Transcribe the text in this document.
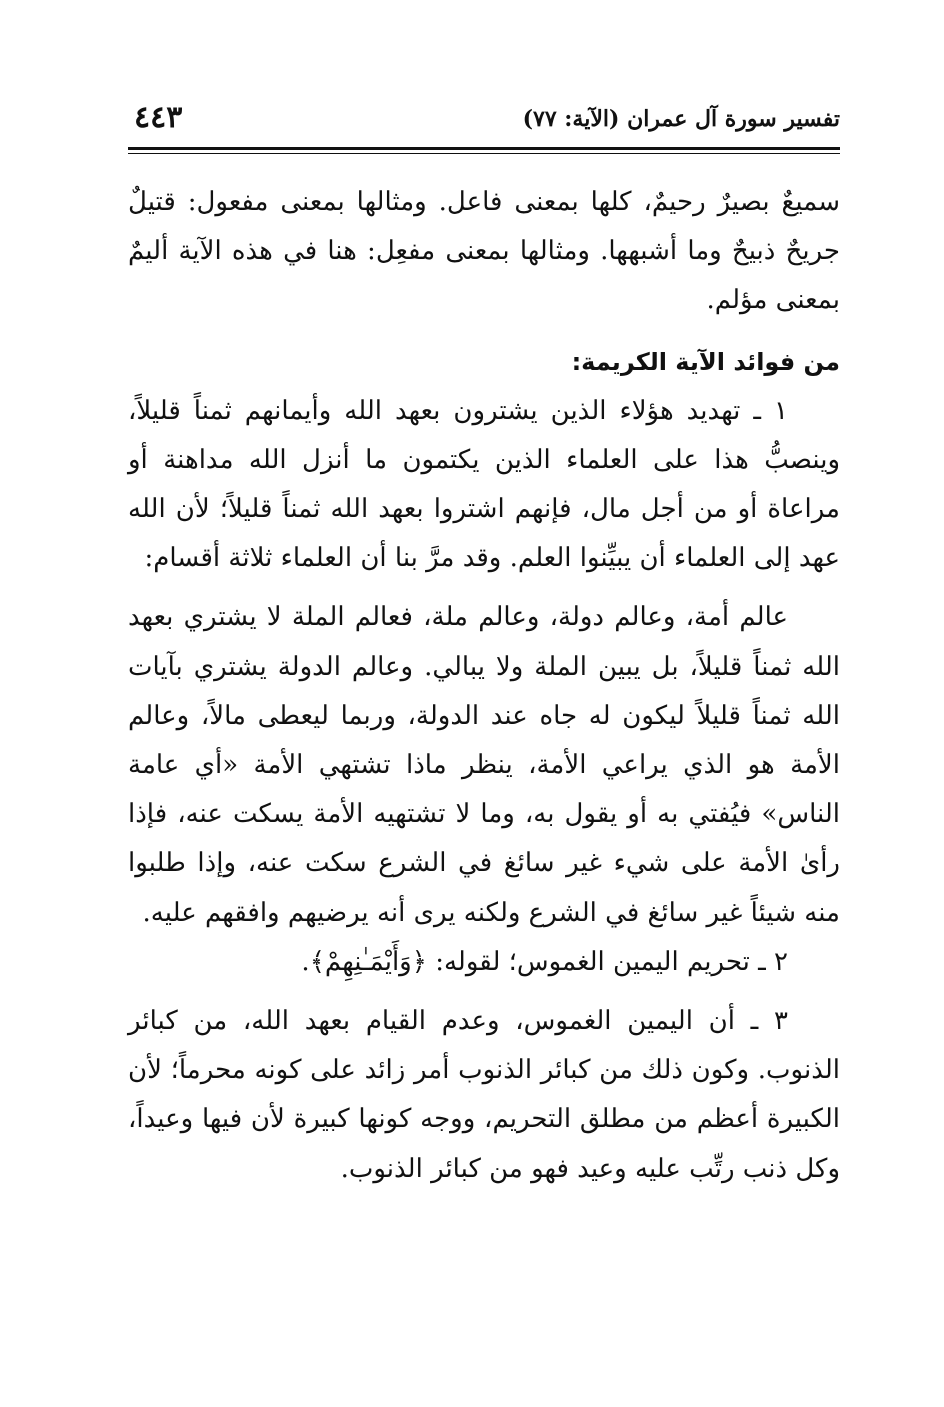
تفسير سورة آل عمران (الآية: ٧٧)
٤٤٣

سميعٌ بصيرٌ رحيمٌ، كلها بمعنى فاعل. ومثالها بمعنى مفعول: قتيلٌ جريحٌ ذبيحٌ وما أشبهها. ومثالها بمعنى مفعِل: هنا في هذه الآية أليمٌ بمعنى مؤلم.

من فوائد الآية الكريمة:

١ ـ تهديد هؤلاء الذين يشترون بعهد الله وأيمانهم ثمناً قليلاً، وينصبُّ هذا على العلماء الذين يكتمون ما أنزل الله مداهنة أو مراعاة أو من أجل مال، فإنهم اشتروا بعهد الله ثمناً قليلاً؛ لأن الله عهد إلى العلماء أن يبيِّنوا العلم. وقد مرَّ بنا أن العلماء ثلاثة أقسام:

عالم أمة، وعالم دولة، وعالم ملة، فعالم الملة لا يشتري بعهد الله ثمناً قليلاً، بل يبين الملة ولا يبالي. وعالم الدولة يشتري بآيات الله ثمناً قليلاً ليكون له جاه عند الدولة، وربما ليعطى مالاً، وعالم الأمة هو الذي يراعي الأمة، ينظر ماذا تشتهي الأمة «أي عامة الناس» فيُفتي به أو يقول به، وما لا تشتهيه الأمة يسكت عنه، فإذا رأىٰ الأمة على شيء غير سائغ في الشرع سكت عنه، وإذا طلبوا منه شيئاً غير سائغ في الشرع ولكنه يرى أنه يرضيهم وافقهم عليه.

٢ ـ تحريم اليمين الغموس؛ لقوله: ﴿وَأَيْمَـٰنِهِمْ﴾.

٣ ـ أن اليمين الغموس، وعدم القيام بعهد الله، من كبائر الذنوب. وكون ذلك من كبائر الذنوب أمر زائد على كونه محرماً؛ لأن الكبيرة أعظم من مطلق التحريم، ووجه كونها كبيرة لأن فيها وعيداً، وكل ذنب رتِّب عليه وعيد فهو من كبائر الذنوب.
